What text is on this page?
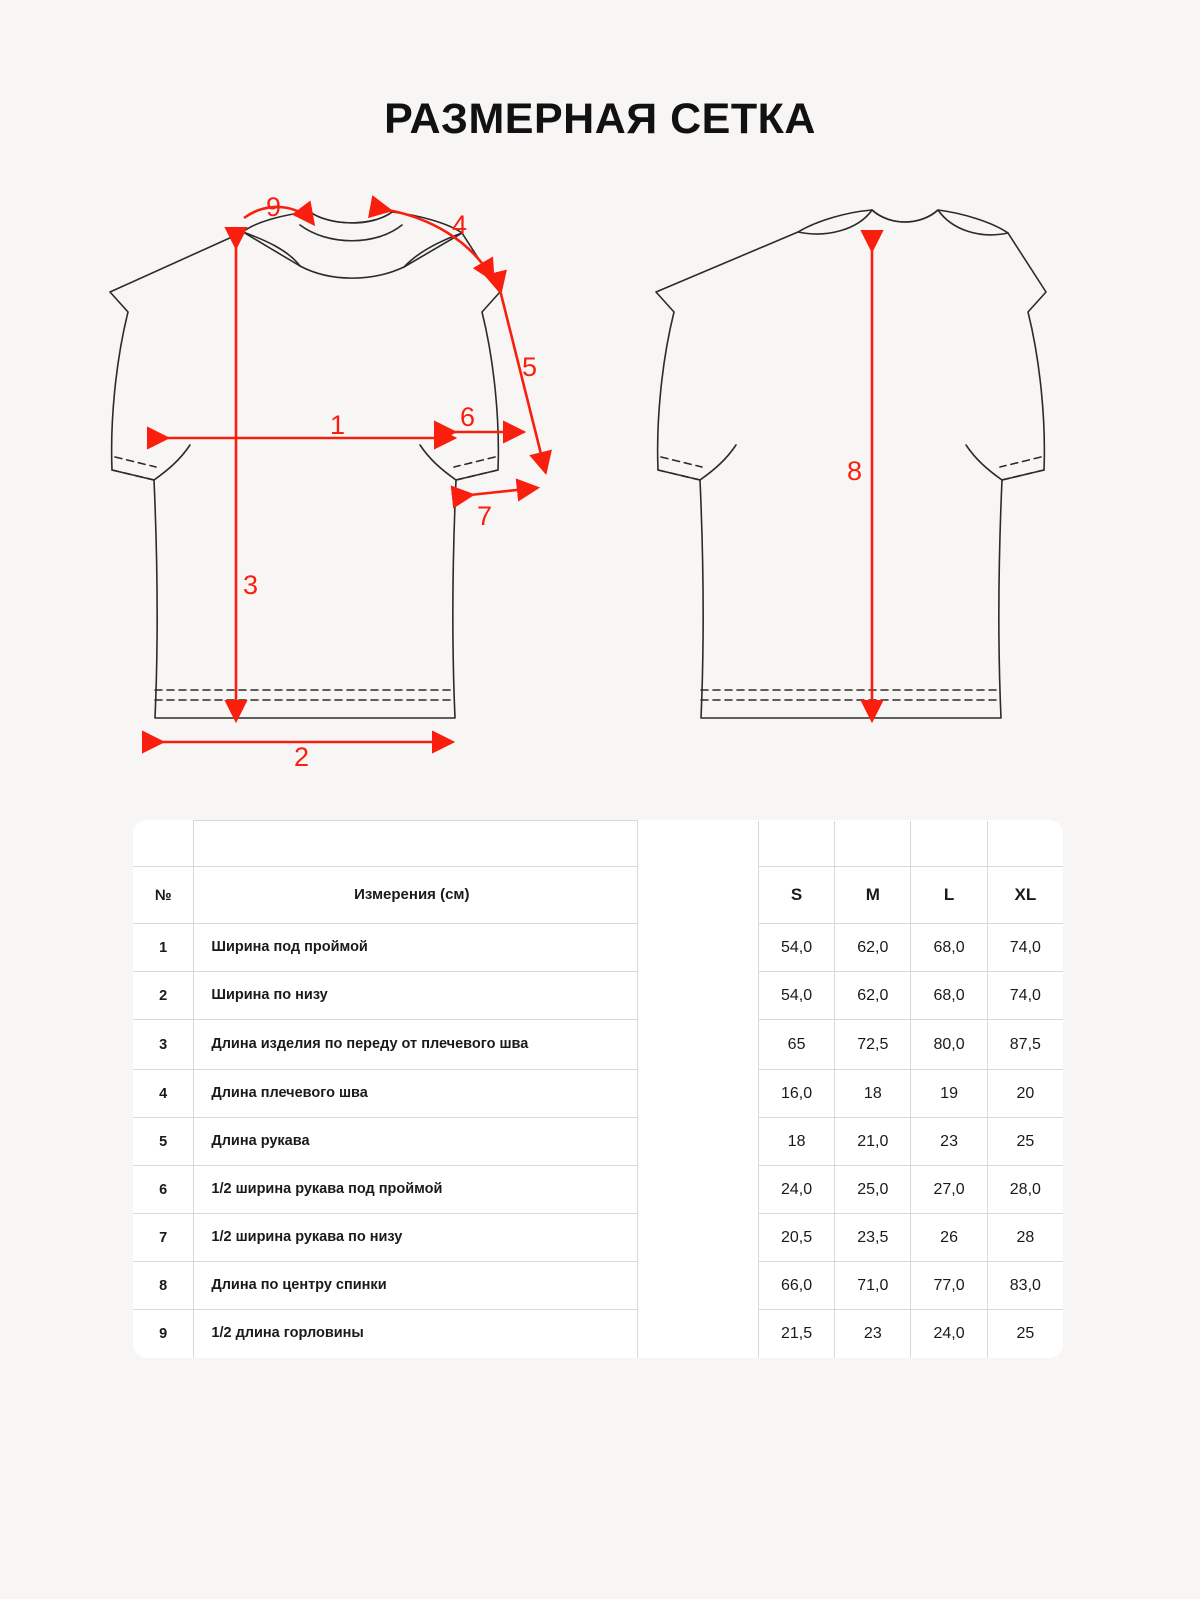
РАЗМЕРНАЯ СЕТКА
1
2
3
4
5
6
7
9
8

№	Измерения (см)		S	M	L	XL
1	Ширина под проймой		54,0	62,0	68,0	74,0
2	Ширина по низу		54,0	62,0	68,0	74,0
3	Длина изделия по переду от плечевого шва		65	72,5	80,0	87,5
4	Длина плечевого шва		16,0	18	19	20
5	Длина рукава		18	21,0	23	25
6	1/2 ширина рукава под проймой		24,0	25,0	27,0	28,0
7	1/2 ширина рукава по низу		20,5	23,5	26	28
8	Длина по центру спинки		66,0	71,0	77,0	83,0
9	1/2 длина горловины		21,5	23	24,0	25
